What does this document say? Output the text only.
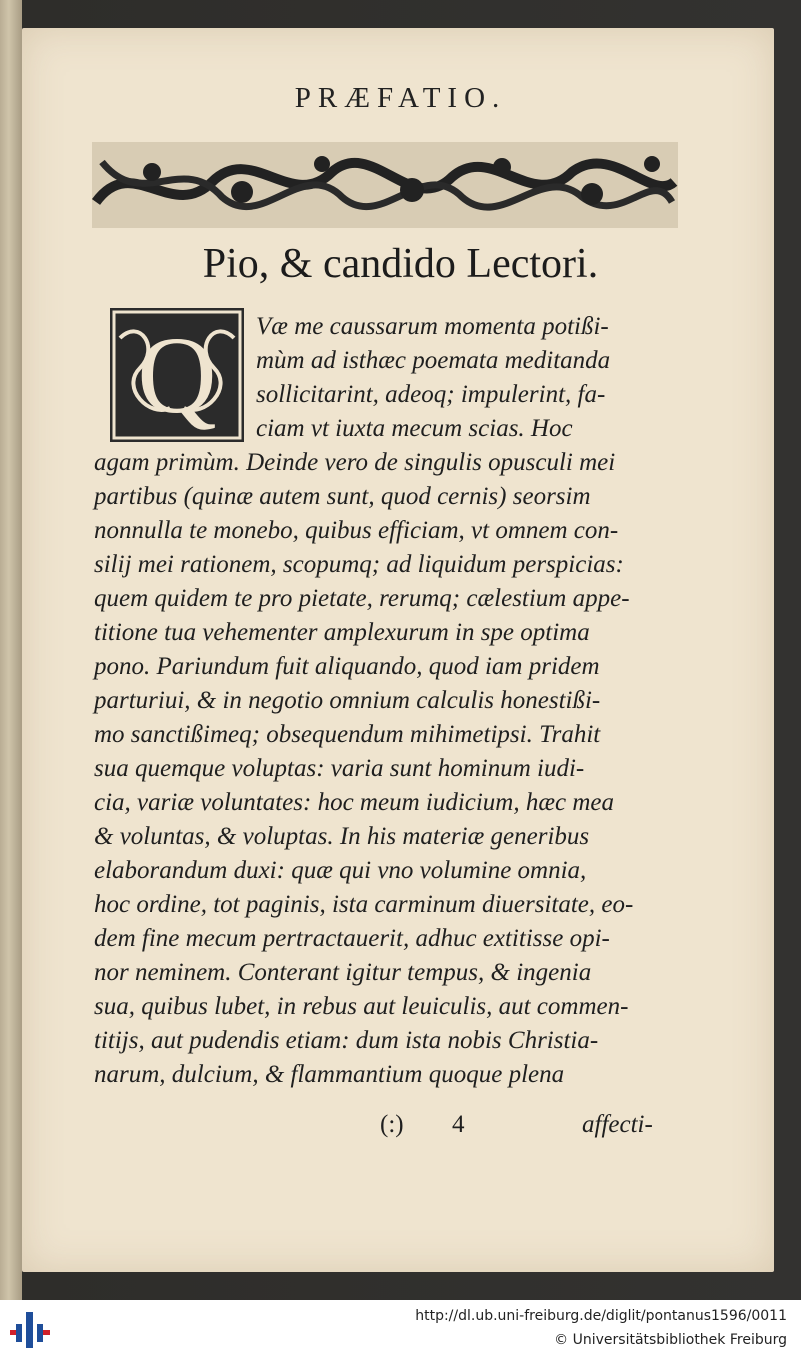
PRÆFATIO.
Pio, & candido Lectori.
Q	Væ me caussarum momenta potißi-
mùm ad isthæc poemata meditanda
sollicitarint, adeoq; impulerint, fa-
ciam vt iuxta mecum scias. Hoc
agam primùm. Deinde vero de singulis opusculi mei
partibus (quinæ autem sunt, quod cernis) seorsim
nonnulla te monebo, quibus efficiam, vt omnem con-
silij mei rationem, scopumq; ad liquidum perspicias:
quem quidem te pro pietate, rerumq; cælestium appe-
titione tua vehementer amplexurum in spe optima
pono. Pariundum fuit aliquando, quod iam pridem
parturiui, & in negotio omnium calculis honestißi-
mo sanctißimeq; obsequendum mihimetipsi. Trahit
sua quemque voluptas: varia sunt hominum iudi-
cia, variæ voluntates: hoc meum iudicium, hæc mea
& voluntas, & voluptas. In his materiæ generibus
elaborandum duxi: quæ qui vno volumine omnia,
hoc ordine, tot paginis, ista carminum diuersitate, eo-
dem fine mecum pertractauerit, adhuc extitisse opi-
nor neminem. Conterant igitur tempus, & ingenia
sua, quibus lubet, in rebus aut leuiculis, aut commen-
titijs, aut pudendis etiam: dum ista nobis Christia-
narum, dulcium, & flammantium quoque plena
(:) 4	affecti-
http://dl.ub.uni-freiburg.de/diglit/pontanus1596/0011
© Universitätsbibliothek Freiburg
